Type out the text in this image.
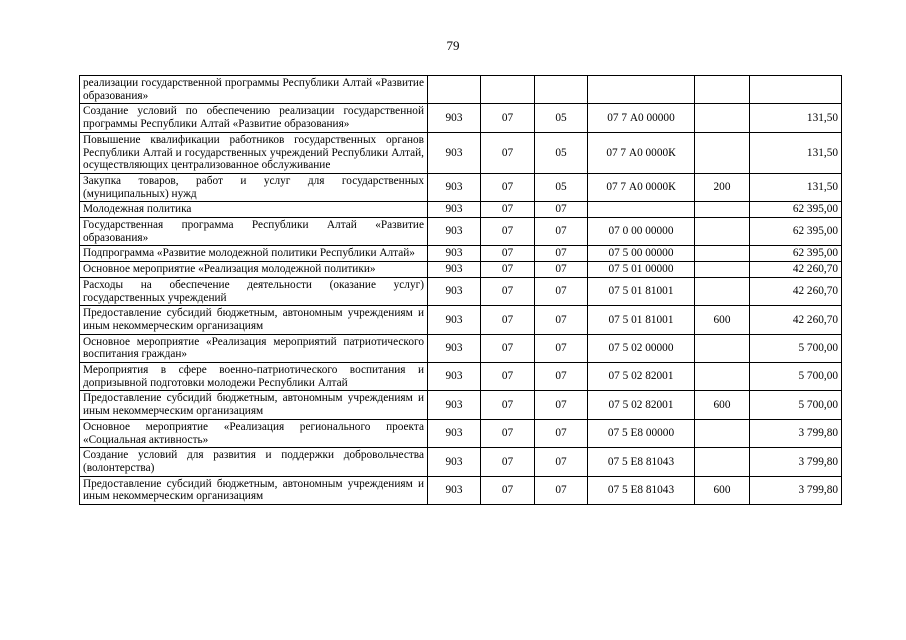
79
реализации государственной программы Республики Алтай «Развитие образования»						
Создание условий по обеспечению реализации государственной программы Республики Алтай «Развитие образования»	903	07	05	07 7 А0 00000		131,50
Повышение квалификации работников государственных органов Республики Алтай и государственных учреждений Республики Алтай, осуществляющих централизованное обслуживание	903	07	05	07 7 А0 0000К		131,50
Закупка товаров, работ и услуг для государственных (муниципальных) нужд	903	07	05	07 7 А0 0000К	200	131,50
Молодежная политика	903	07	07			62 395,00
Государственная программа Республики Алтай «Развитие образования»	903	07	07	07 0 00 00000		62 395,00
Подпрограмма «Развитие молодежной политики Республики Алтай»	903	07	07	07 5 00 00000		62 395,00
Основное мероприятие «Реализация молодежной политики»	903	07	07	07 5 01 00000		42 260,70
Расходы на обеспечение деятельности (оказание услуг) государственных учреждений	903	07	07	07 5 01 81001		42 260,70
Предоставление субсидий бюджетным, автономным учреждениям и иным некоммерческим организациям	903	07	07	07 5 01 81001	600	42 260,70
Основное мероприятие «Реализация мероприятий патриотического воспитания граждан»	903	07	07	07 5 02 00000		5 700,00
Мероприятия в сфере военно-патриотического воспитания и допризывной подготовки молодежи Республики Алтай	903	07	07	07 5 02 82001		5 700,00
Предоставление субсидий бюджетным, автономным учреждениям и иным некоммерческим организациям	903	07	07	07 5 02 82001	600	5 700,00
Основное мероприятие «Реализация регионального проекта «Социальная активность»	903	07	07	07 5 Е8 00000		3 799,80
Создание условий для развития и поддержки добровольчества (волонтерства)	903	07	07	07 5 Е8 81043		3 799,80
Предоставление субсидий бюджетным, автономным учреждениям и иным некоммерческим организациям	903	07	07	07 5 Е8 81043	600	3 799,80
